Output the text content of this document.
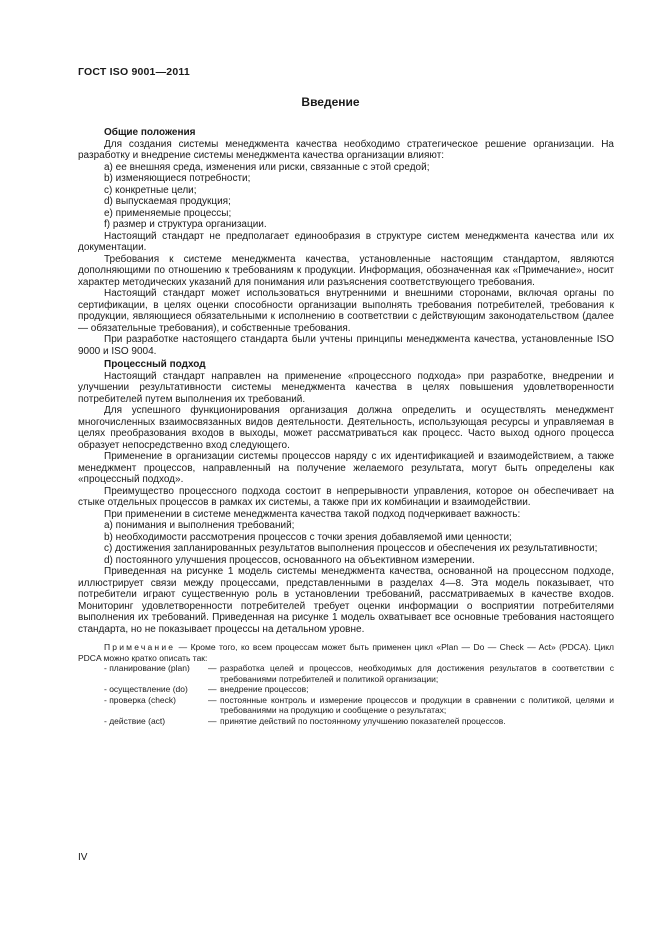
ГОСТ ISO 9001—2011
Введение

Общие положения

Для создания системы менеджмента качества необходимо стратегическое решение организации. На разработку и внедрение системы менеджмента качества организации влияют:

а) ее внешняя среда, изменения или риски, связанные с этой средой;

b) изменяющиеся потребности;

c) конкретные цели;

d) выпускаемая продукция;

e) применяемые процессы;

f) размер и структура организации.

Настоящий стандарт не предполагает единообразия в структуре систем менеджмента качества или их документации.

Требования к системе менеджмента качества, установленные настоящим стандартом, являются дополняющими по отношению к требованиям к продукции. Информация, обозначенная как «Примечание», носит характер методических указаний для понимания или разъяснения соответствующего требования.

Настоящий стандарт может использоваться внутренними и внешними сторонами, включая органы по сертификации, в целях оценки способности организации выполнять требования потребителей, требования к продукции, являющиеся обязательными к исполнению в соответствии с действующим законодательством (далее — обязательные требования), и собственные требования.

При разработке настоящего стандарта были учтены принципы менеджмента качества, установленные ISO 9000 и ISO 9004.

Процессный подход

Настоящий стандарт направлен на применение «процессного подхода» при разработке, внедрении и улучшении результативности системы менеджмента качества в целях повышения удовлетворенности потребителей путем выполнения их требований.

Для успешного функционирования организация должна определить и осуществлять менеджмент многочисленных взаимосвязанных видов деятельности. Деятельность, использующая ресурсы и управляемая в целях преобразования входов в выходы, может рассматриваться как процесс. Часто выход одного процесса образует непосредственно вход следующего.

Применение в организации системы процессов наряду с их идентификацией и взаимодействием, а также менеджмент процессов, направленный на получение желаемого результата, могут быть определены как «процессный подход».

Преимущество процессного подхода состоит в непрерывности управления, которое он обеспечивает на стыке отдельных процессов в рамках их системы, а также при их комбинации и взаимодействии.

При применении в системе менеджмента качества такой подход подчеркивает важность:

а) понимания и выполнения требований;

b) необходимости рассмотрения процессов с точки зрения добавляемой ими ценности;

c) достижения запланированных результатов выполнения процессов и обеспечения их результативности;

d) постоянного улучшения процессов, основанного на объективном измерении.

Приведенная на рисунке 1 модель системы менеджмента качества, основанной на процессном подходе, иллюстрирует связи между процессами, представленными в разделах 4—8. Эта модель показывает, что потребители играют существенную роль в установлении требований, рассматриваемых в качестве входов. Мониторинг удовлетворенности потребителей требует оценки информации о восприятии потребителями выполнения их требований. Приведенная на рисунке 1 модель охватывает все основные требования настоящего стандарта, но не показывает процессы на детальном уровне.

Примечание — Кроме того, ко всем процессам может быть применен цикл «Plan — Do — Check — Act» (PDCA). Цикл PDCA можно кратко описать так:

- планирование (plan)	—	разработка целей и процессов, необходимых для достижения результатов в соответствии с требованиями потребителей и политикой организации;
- осуществление (do)	—	внедрение процессов;
- проверка (check)	—	постоянные контроль и измерение процессов и продукции в сравнении с политикой, целями и требованиями на продукцию и сообщение о результатах;
- действие (act)	—	принятие действий по постоянному улучшению показателей процессов.
IV
